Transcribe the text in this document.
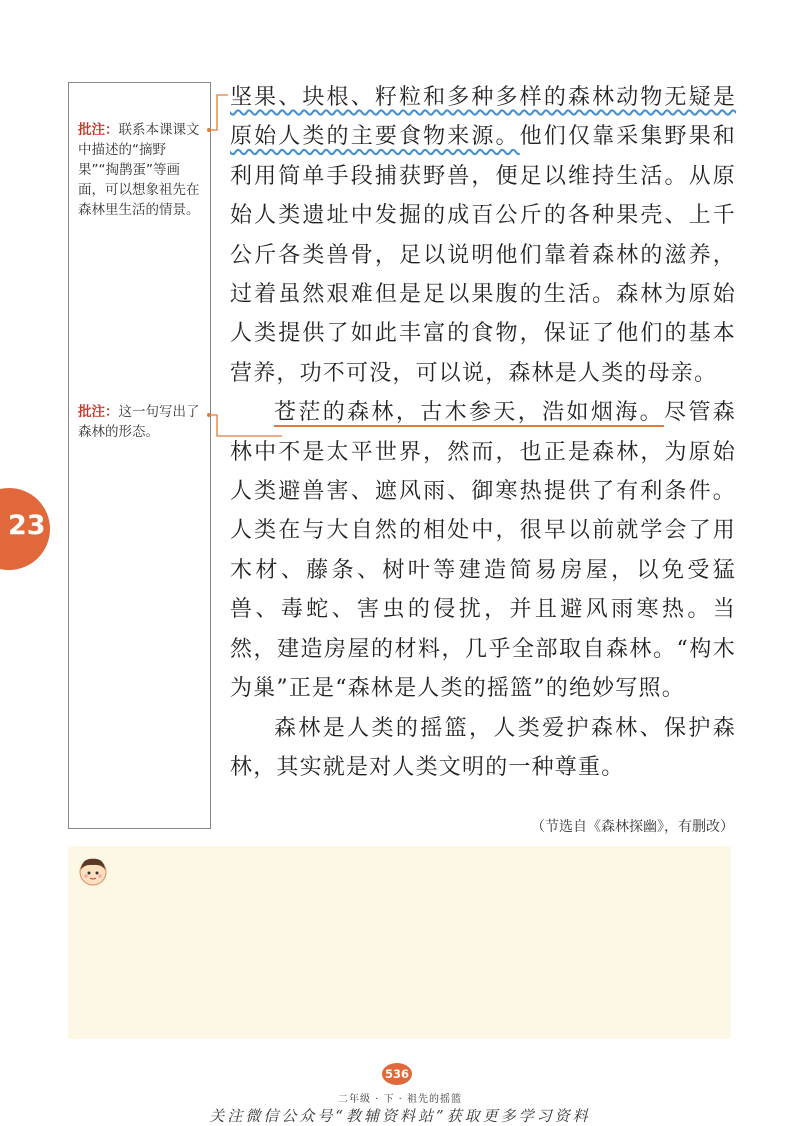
批注：联系本课课文中描述的“摘野果”“掏鹊蛋”等画面，可以想象祖先在森林里生活的情景。
批注：这一句写出了森林的形态。

坚果、块根、籽粒和多种多样的森林动物无疑是原始人类的主要食物来源。他们仅靠采集野果和利用简单手段捕获野兽，便足以维持生活。从原始人类遗址中发掘的成百公斤的各种果壳、上千公斤各类兽骨，足以说明他们靠着森林的滋养，过着虽然艰难但是足以果腹的生活。森林为原始人类提供了如此丰富的食物，保证了他们的基本营养，功不可没，可以说，森林是人类的母亲。

苍茫的森林，古木参天，浩如烟海。尽管森林中不是太平世界，然而，也正是森林，为原始人类避兽害、遮风雨、御寒热提供了有利条件。人类在与大自然的相处中，很早以前就学会了用木材、藤条、树叶等建造简易房屋，以免受猛兽、毒蛇、害虫的侵扰，并且避风雨寒热。当然，建造房屋的材料，几乎全部取自森林。“构木为巢”正是“森林是人类的摇篮”的绝妙写照。

森林是人类的摇篮，人类爱护森林、保护森林，其实就是对人类文明的一种尊重。

（节选自《森林探幽》，有删改）
23
536
二年级 · 下 · 祖先的摇篮
关注微信公众号“教辅资料站”获取更多学习资料
